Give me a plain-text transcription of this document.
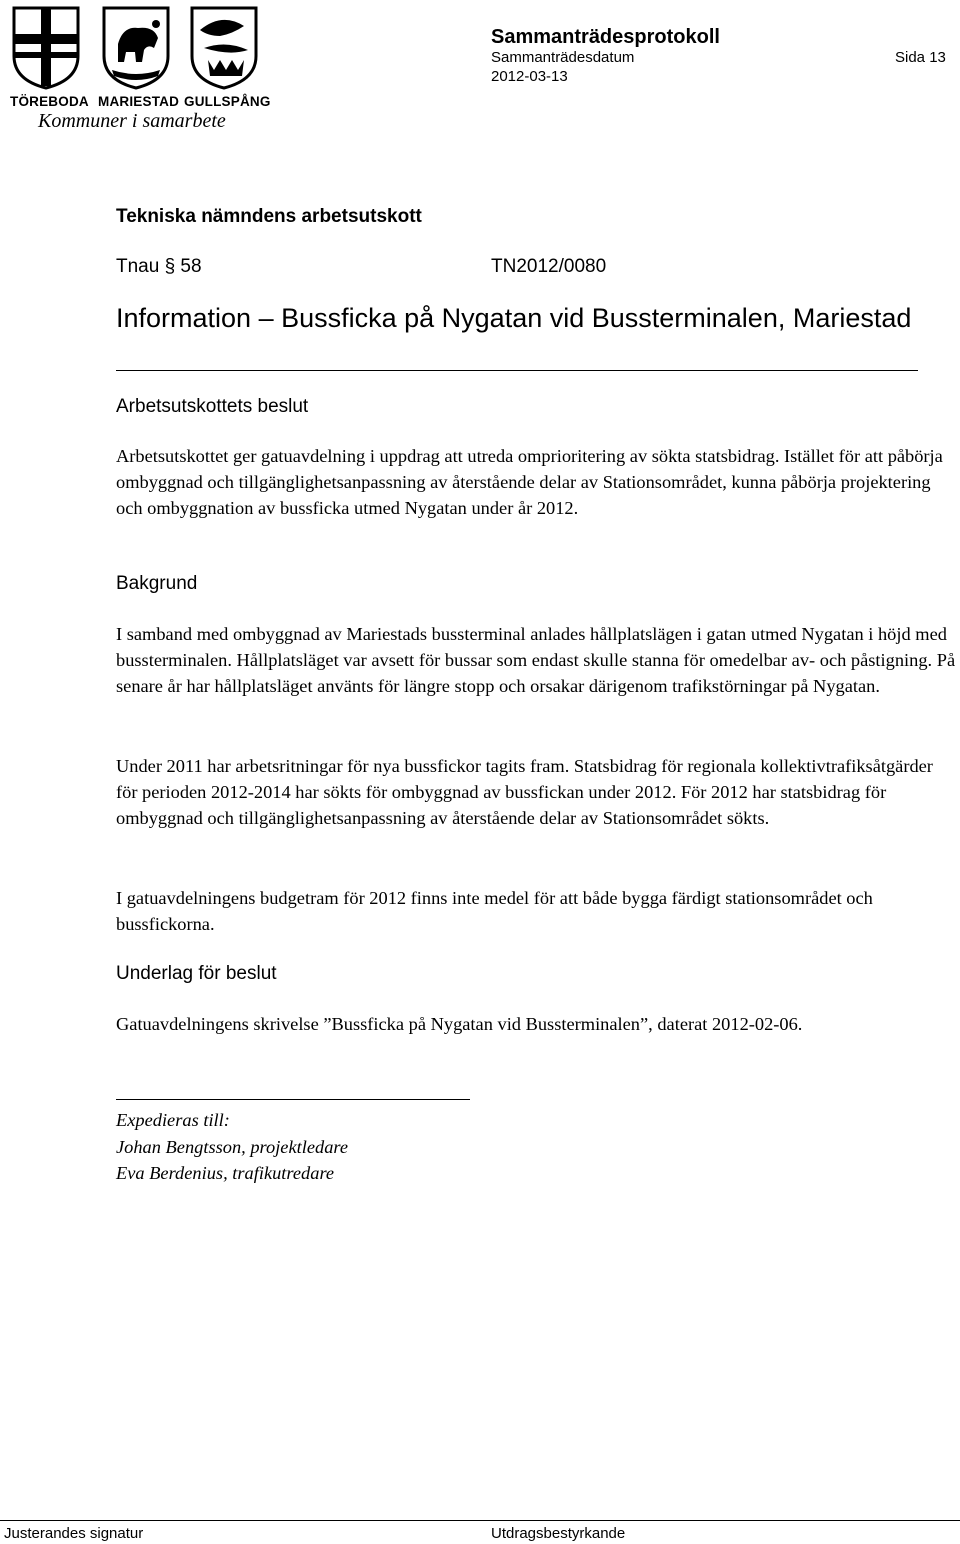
TÖREBODA MARIESTAD GULLSPÅNG
Kommuner i samarbete
Sammanträdesprotokoll
Sammanträdesdatum
2012-03-13
Sida 13
Tekniska nämndens arbetsutskott
Tnau § 58	TN2012/0080
Information – Bussficka på Nygatan vid Bussterminalen, Mariestad
Arbetsutskottets beslut

Arbetsutskottet ger gatuavdelning i uppdrag att utreda omprioritering av sökta statsbidrag. Istället för att påbörja ombyggnad och tillgänglighetsanpassning av återstående delar av Stationsområdet, kunna påbörja projektering och ombyggnation av bussficka utmed Nygatan under år 2012.

Bakgrund

I samband med ombyggnad av Mariestads bussterminal anlades hållplatslägen i gatan utmed Nygatan i höjd med bussterminalen. Hållplatsläget var avsett för bussar som endast skulle stanna för omedelbar av- och påstigning. På senare år har hållplatsläget använts för längre stopp och orsakar därigenom trafikstörningar på Nygatan.

Under 2011 har arbetsritningar för nya bussfickor tagits fram. Statsbidrag för regionala kollektivtrafiksåtgärder för perioden 2012-2014 har sökts för ombyggnad av bussfickan under 2012. För 2012 har statsbidrag för ombyggnad och tillgänglighetsanpassning av återstående delar av Stationsområdet sökts.

I gatuavdelningens budgetram för 2012 finns inte medel för att både bygga färdigt stationsområdet och bussfickorna.

Underlag för beslut

Gatuavdelningens skrivelse ”Bussficka på Nygatan vid Bussterminalen”, daterat 2012-02-06.

Expedieras till:
Johan Bengtsson, projektledare
Eva Berdenius, trafikutredare
Justerandes signatur	Utdragsbestyrkande
